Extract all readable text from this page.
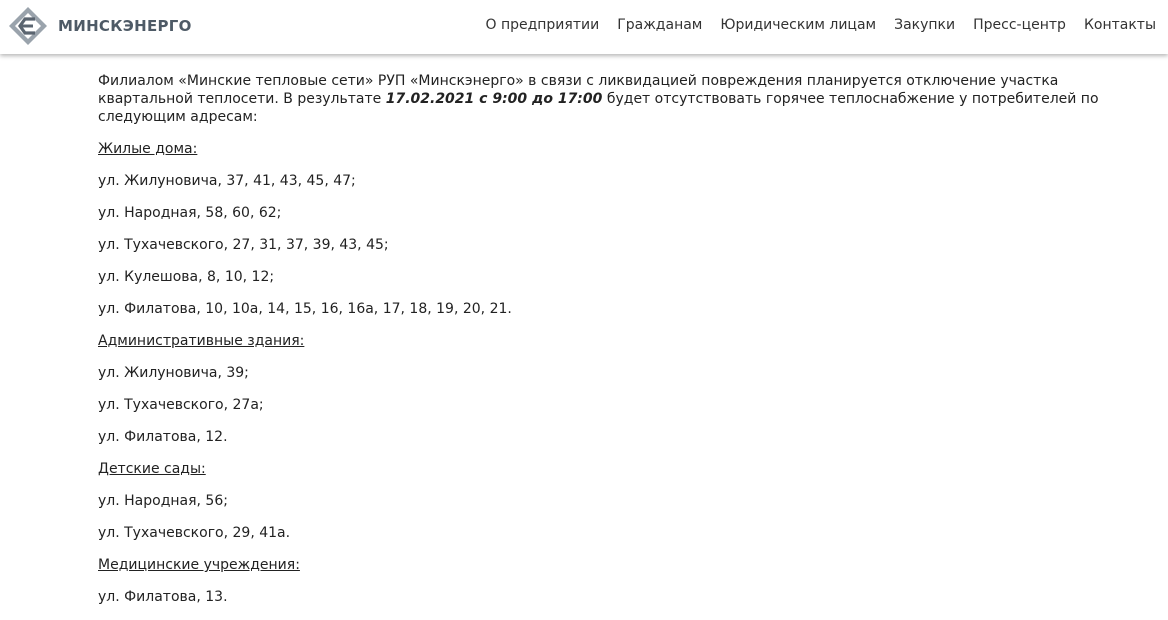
МИНСКЭНЕРГО	О предприятии Гражданам Юридическим лицам Закупки Пресс-центр Контакты

Филиалом «Минские тепловые сети» РУП «Минскэнерго» в связи с ликвидацией повреждения планируется отключение участка квартальной теплосети. В результате 17.02.2021 с 9:00 до 17:00 будет отсутствовать горячее теплоснабжение у потребителей по следующим адресам:

Жилые дома:

ул. Жилуновича, 37, 41, 43, 45, 47;

ул. Народная, 58, 60, 62;

ул. Тухачевского, 27, 31, 37, 39, 43, 45;

ул. Кулешова, 8, 10, 12;

ул. Филатова, 10, 10а, 14, 15, 16, 16а, 17, 18, 19, 20, 21.

Административные здания:

ул. Жилуновича, 39;

ул. Тухачевского, 27а;

ул. Филатова, 12.

Детские сады:

ул. Народная, 56;

ул. Тухачевского, 29, 41а.

Медицинские учреждения:

ул. Филатова, 13.
